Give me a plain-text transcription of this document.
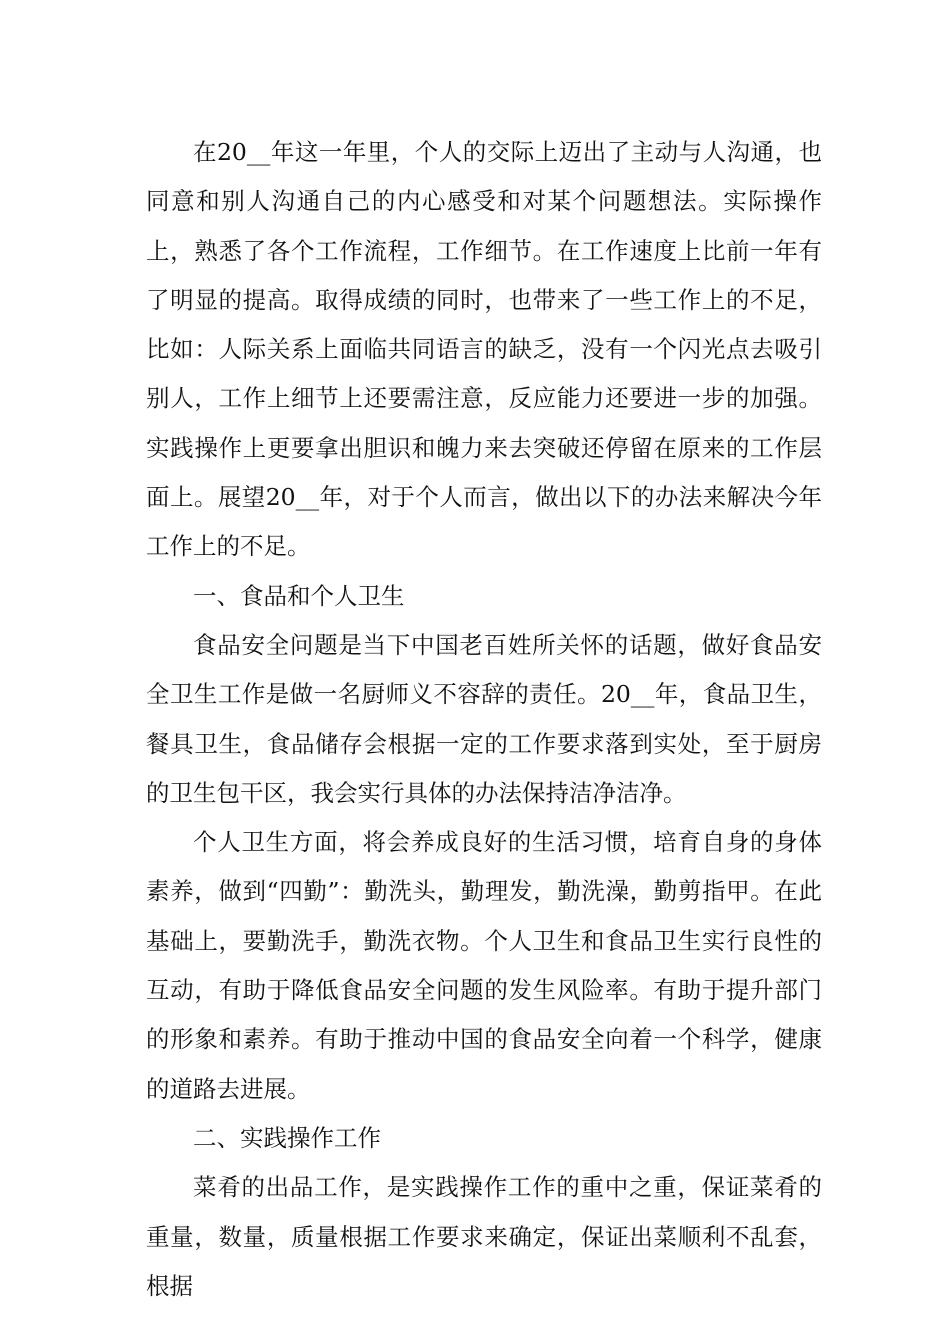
在20__年这一年里，个人的交际上迈出了主动与人沟通，也同意和别人沟通自己的内心感受和对某个问题想法。实际操作上，熟悉了各个工作流程，工作细节。在工作速度上比前一年有了明显的提高。取得成绩的同时，也带来了一些工作上的不足，比如：人际关系上面临共同语言的缺乏，没有一个闪光点去吸引别人，工作上细节上还要需注意，反应能力还要进一步的加强。实践操作上更要拿出胆识和魄力来去突破还停留在原来的工作层面上。展望20__年，对于个人而言，做出以下的办法来解决今年工作上的不足。

一、食品和个人卫生

食品安全问题是当下中国老百姓所关怀的话题，做好食品安全卫生工作是做一名厨师义不容辞的责任。20__年，食品卫生，餐具卫生，食品储存会根据一定的工作要求落到实处，至于厨房的卫生包干区，我会实行具体的办法保持洁净洁净。

个人卫生方面，将会养成良好的生活习惯，培育自身的身体素养，做到“四勤”：勤洗头，勤理发，勤洗澡，勤剪指甲。在此基础上，要勤洗手，勤洗衣物。个人卫生和食品卫生实行良性的互动，有助于降低食品安全问题的发生风险率。有助于提升部门的形象和素养。有助于推动中国的食品安全向着一个科学，健康的道路去进展。

二、实践操作工作

菜肴的出品工作，是实践操作工作的重中之重，保证菜肴的重量，数量，质量根据工作要求来确定，保证出菜顺利不乱套，根据
